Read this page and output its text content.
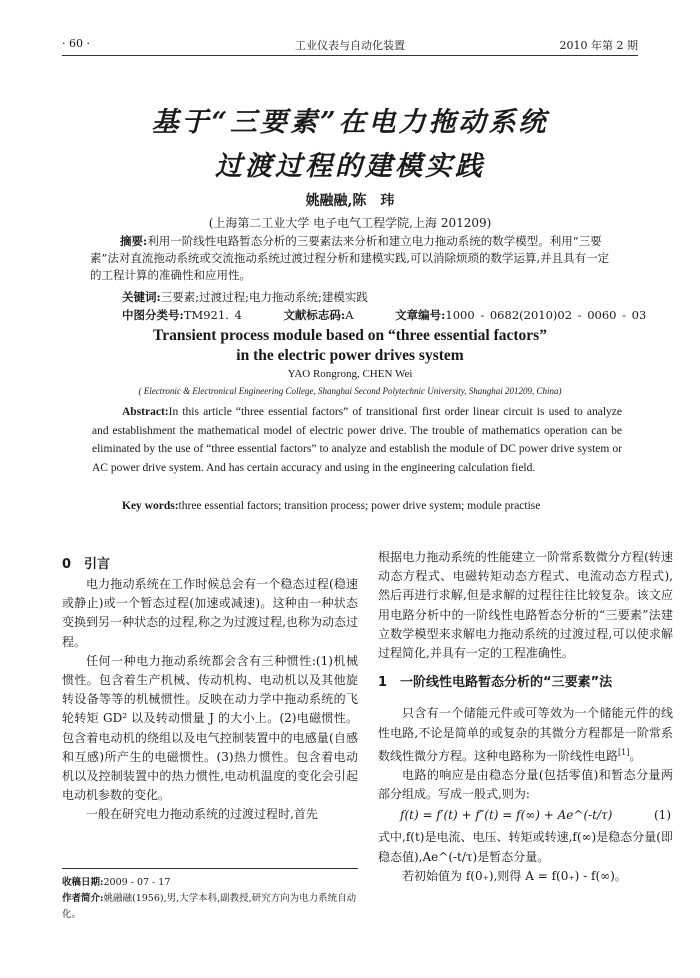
· 60 ·	工业仪表与自动化装置	2010 年第 2 期
基于“三要素”在电力拖动系统
过渡过程的建模实践
姚融融,陈　玮
(上海第二工业大学 电子电气工程学院,上海 201209)
摘要:利用一阶线性电路暂态分析的三要素法来分析和建立电力拖动系统的数学模型。利用“三要素”法对直流拖动系统或交流拖动系统过渡过程分析和建模实践,可以消除烦琐的数学运算,并且具有一定的工程计算的准确性和应用性。
关键词:三要素;过渡过程;电力拖动系统;建模实践
中图分类号:TM921. 4	文献标志码:A	文章编号:1000 - 0682(2010)02 - 0060 - 03
Transient process module based on “three essential factors”
in the electric power drives system
YAO Rongrong, CHEN Wei
( Electronic & Electronical Engineering College, Shanghai Second Polytechnic University, Shanghai 201209, China)
Abstract:In this article “three essential factors” of transitional first order linear circuit is used to analyze and establishment the mathematical model of electric power drive. The trouble of mathematics operation can be eliminated by the use of “three essential factors” to analyze and establish the module of DC power drive system or AC power drive system. And has certain accuracy and using in the engineering calculation field.
Key words:three essential factors; transition process; power drive system; module practise
0　引言

电力拖动系统在工作时候总会有一个稳态过程(稳速或静止)或一个暂态过程(加速或减速)。这种由一种状态变换到另一种状态的过程,称之为过渡过程,也称为动态过程。

任何一种电力拖动系统都会含有三种惯性:(1)机械惯性。包含着生产机械、传动机构、电动机以及其他旋转设备等等的机械惯性。反映在动力学中拖动系统的飞轮转矩 GD² 以及转动惯量 J 的大小上。(2)电磁惯性。包含着电动机的绕组以及电气控制装置中的电感量(自感和互感)所产生的电磁惯性。(3)热力惯性。包含着电动机以及控制装置中的热力惯性,电动机温度的变化会引起电动机参数的变化。

一般在研究电力拖动系统的过渡过程时,首先

根据电力拖动系统的性能建立一阶常系数微分方程(转速动态方程式、电磁转矩动态方程式、电流动态方程式),然后再进行求解,但是求解的过程往往比较复杂。该文应用电路分析中的一阶线性电路暂态分析的“三要素”法建立数学模型来求解电力拖动系统的过渡过程,可以使求解过程简化,并具有一定的工程准确性。

1　一阶线性电路暂态分析的“三要素”法

只含有一个储能元件或可等效为一个储能元件的线性电路,不论是简单的或复杂的其微分方程都是一阶常系数线性微分方程。这种电路称为一阶线性电路[1]。

电路的响应是由稳态分量(包括零值)和暂态分量两部分组成。写成一般式,则为:

f(t) = f′(t) + f″(t) = f(∞) + Ae^(-t/τ)	(1)

式中,f(t)是电流、电压、转矩或转速,f(∞)是稳态分量(即稳态值),Ae^(-t/τ)是暂态分量。

若初始值为 f(0₊),则得 A = f(0₊) - f(∞)。

收稿日期:2009 - 07 - 17
作者简介:姚融融(1956),男,大学本科,副教授,研究方向为电力系统自动化。
